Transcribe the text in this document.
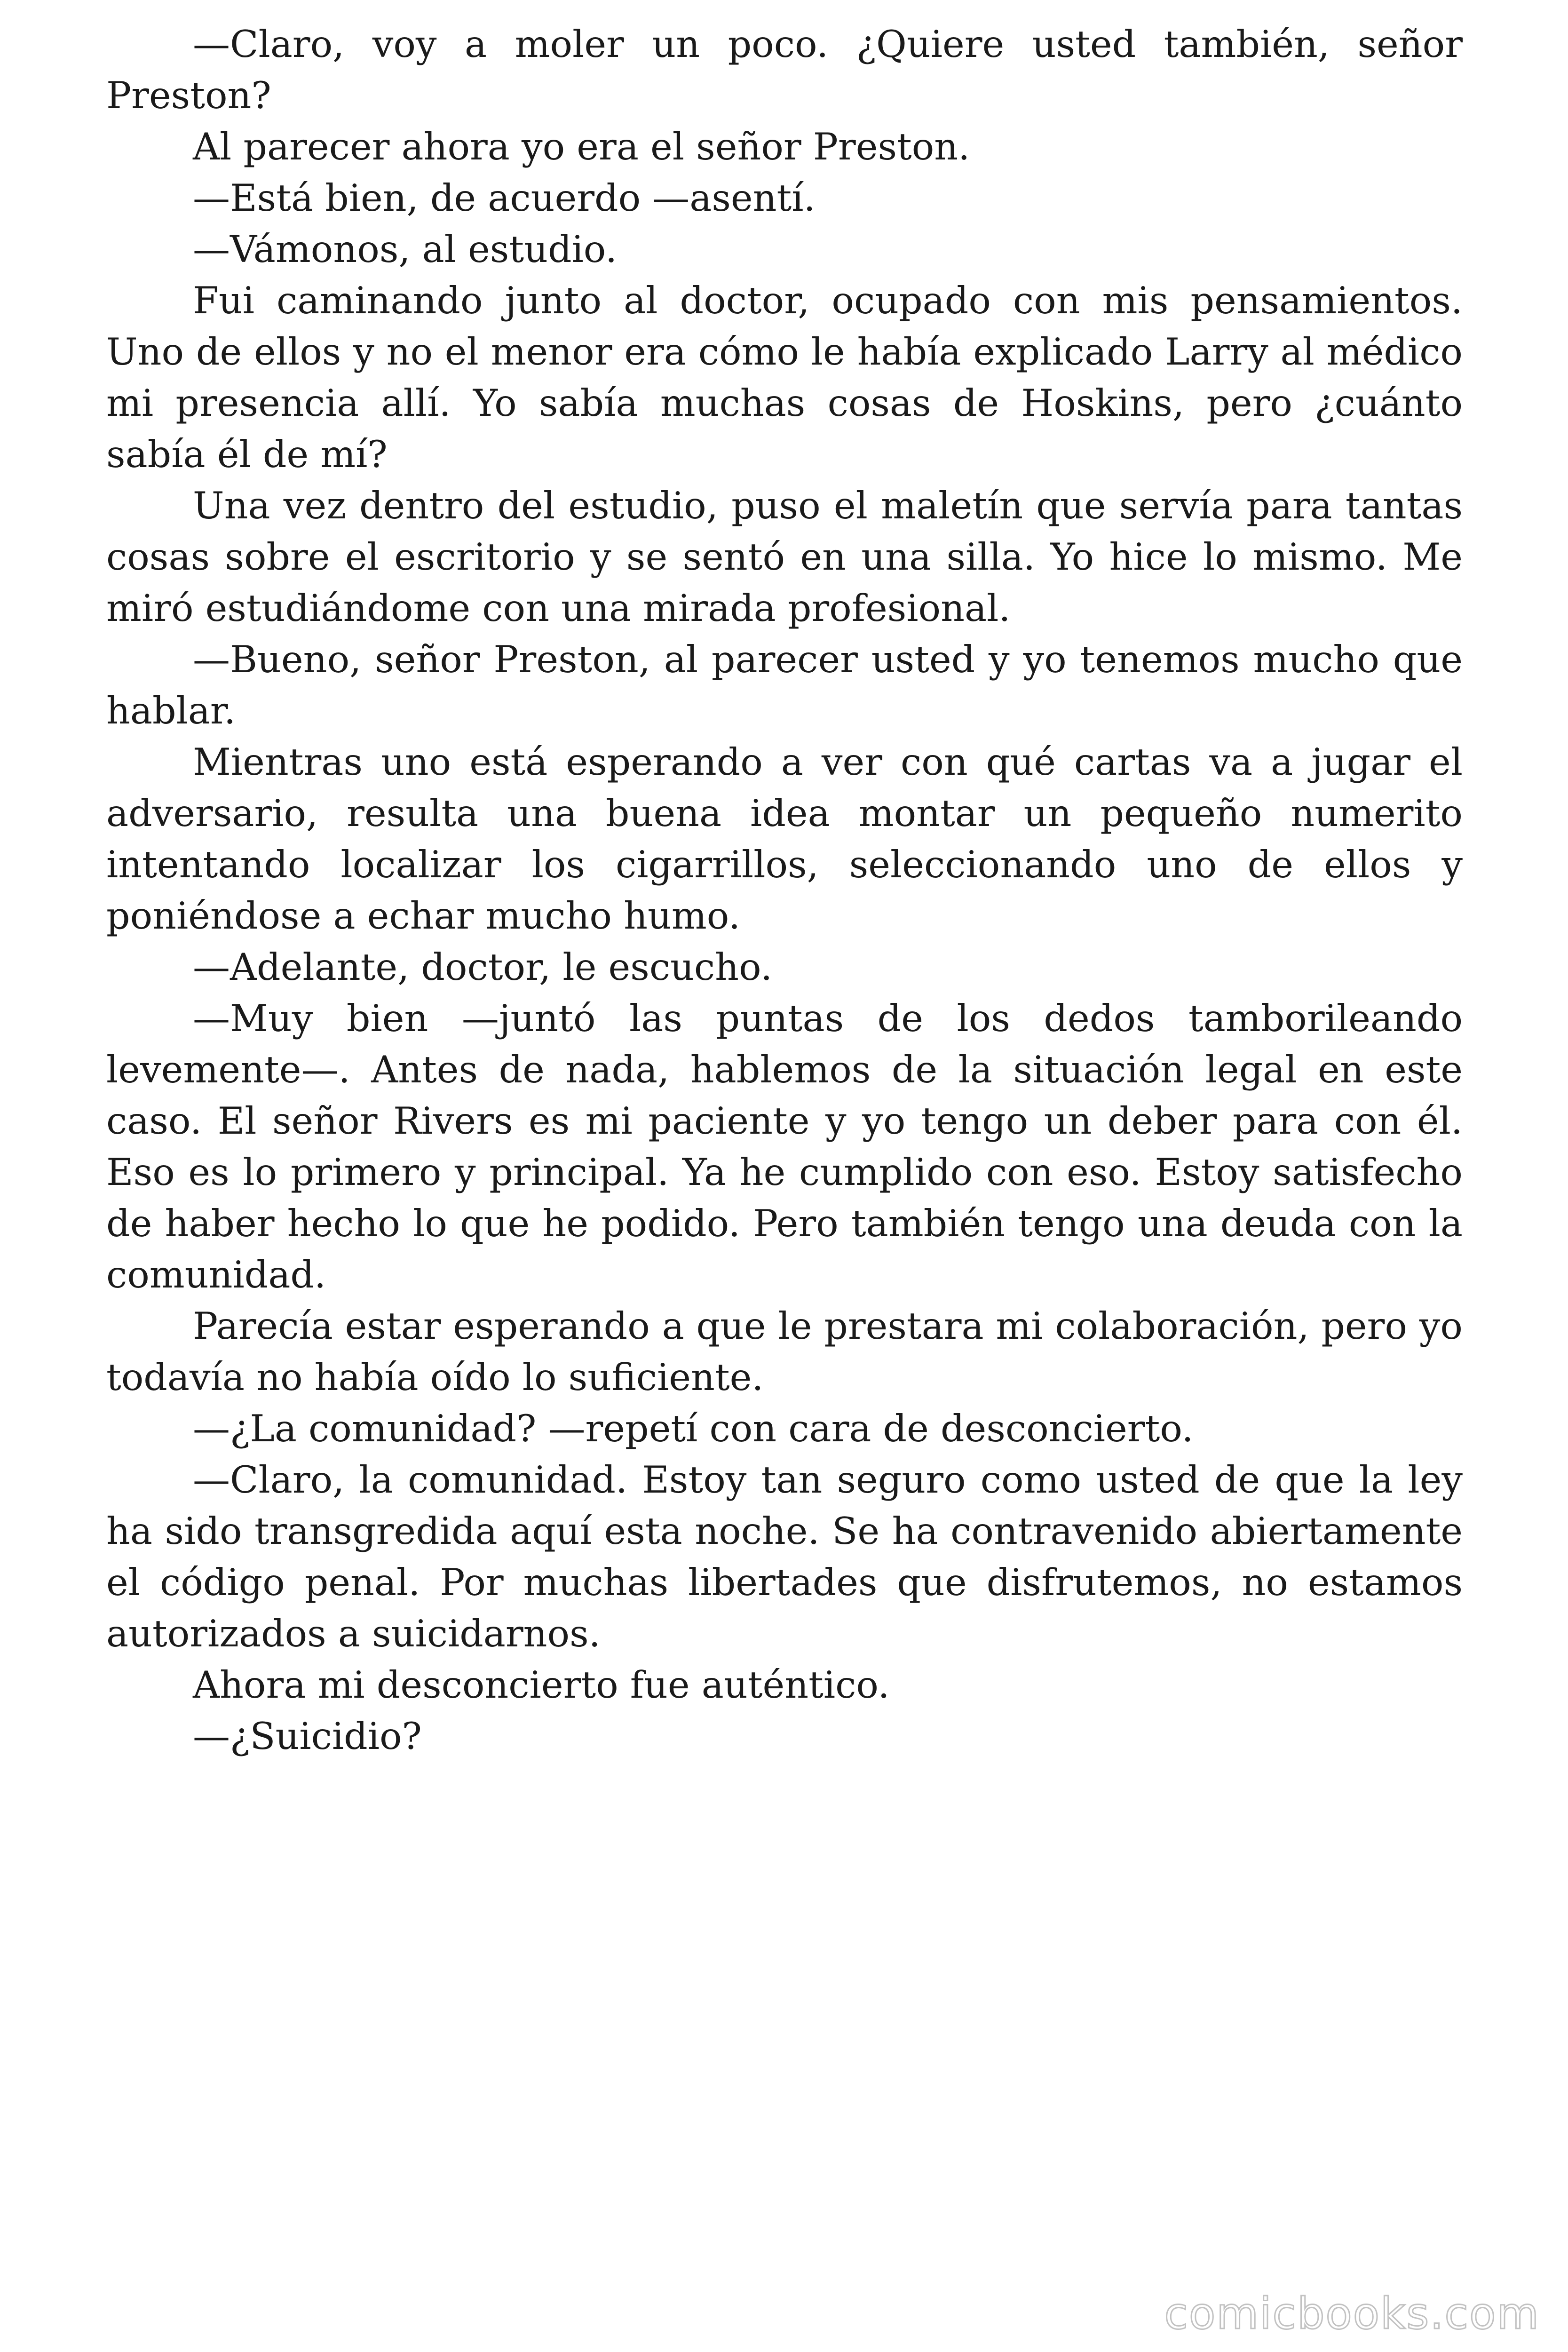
—Claro, voy a moler un poco. ¿Quiere usted también, señor Preston?

Al parecer ahora yo era el señor Preston.

—Está bien, de acuerdo —asentí.

—Vámonos, al estudio.

Fui caminando junto al doctor, ocupado con mis pensamientos. Uno de ellos y no el menor era cómo le había explicado Larry al médico mi presencia allí. Yo sabía muchas cosas de Hoskins, pero ¿cuánto sabía él de mí?

Una vez dentro del estudio, puso el maletín que servía para tantas cosas sobre el escritorio y se sentó en una silla. Yo hice lo mismo. Me miró estudiándome con una mirada profesional.

—Bueno, señor Preston, al parecer usted y yo tenemos mucho que hablar.

Mientras uno está esperando a ver con qué cartas va a jugar el adversario, resulta una buena idea montar un pequeño numerito intentando localizar los cigarrillos, seleccionando uno de ellos y poniéndose a echar mucho humo.

—Adelante, doctor, le escucho.

—Muy bien —juntó las puntas de los dedos tamborileando levemente—. Antes de nada, hablemos de la situación legal en este caso. El señor Rivers es mi paciente y yo tengo un deber para con él. Eso es lo primero y principal. Ya he cumplido con eso. Estoy satisfecho de haber hecho lo que he podido. Pero también tengo una deuda con la comunidad.

Parecía estar esperando a que le prestara mi colaboración, pero yo todavía no había oído lo suficiente.

—¿La comunidad? —repetí con cara de desconcierto.

—Claro, la comunidad. Estoy tan seguro como usted de que la ley ha sido transgredida aquí esta noche. Se ha contravenido abiertamente el código penal. Por muchas libertades que disfrutemos, no estamos autorizados a suicidarnos.

Ahora mi desconcierto fue auténtico.

—¿Suicidio?

comicbooks.com
